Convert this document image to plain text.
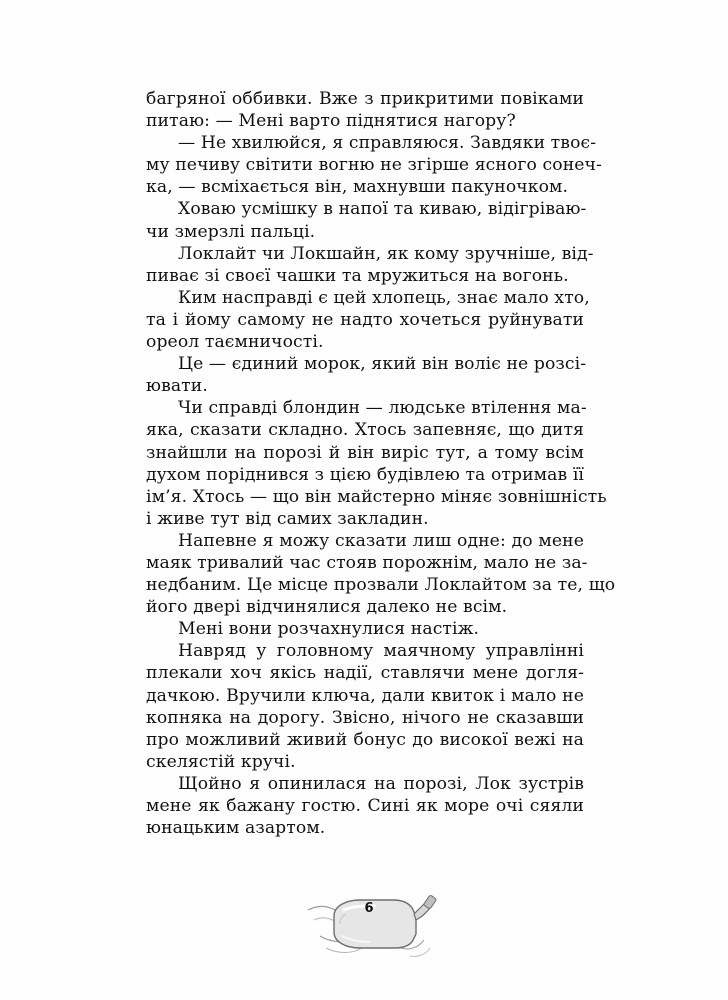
багряної оббивки. Вже з прикритими повіками
питаю: — Мені варто піднятися нагору?
— Не хвилюйся, я справляюся. Завдяки твоє-
му печиву світити вогню не згірше ясного сонеч-
ка, — всміхається він, махнувши пакуночком.
Ховаю усмішку в напої та киваю, відігріваю-
чи змерзлі пальці.
Локлайт чи Локшайн, як кому зручніше, від-
пиває зі своєї чашки та мружиться на вогонь.
Ким насправді є цей хлопець, знає мало хто,
та і йому самому не надто хочеться руйнувати
ореол таємничості.
Це — єдиний морок, який він воліє не розсі-
ювати.
Чи справді блондин — людське втілення ма-
яка, сказати складно. Хтось запевняє, що дитя
знайшли на порозі й він виріс тут, а тому всім
духом поріднився з цією будівлею та отримав її
ім’я. Хтось — що він майстерно міняє зовнішність
і живе тут від самих закладин.
Напевне я можу сказати лиш одне: до мене
маяк тривалий час стояв порожнім, мало не за-
недбаним. Це місце прозвали Локлайтом за те, що
його двері відчинялися далеко не всім.
Мені вони розчахнулися настіж.
Навряд у головному маячному управлінні
плекали хоч якісь надії, ставлячи мене догля-
дачкою. Вручили ключа, дали квиток і мало не
копняка на дорогу. Звісно, нічого не сказавши
про можливий живий бонус до високої вежі на
скелястій кручі.
Щойно я опинилася на порозі, Лок зустрів
мене як бажану гостю. Сині як море очі сяяли
юнацьким азартом.
6
